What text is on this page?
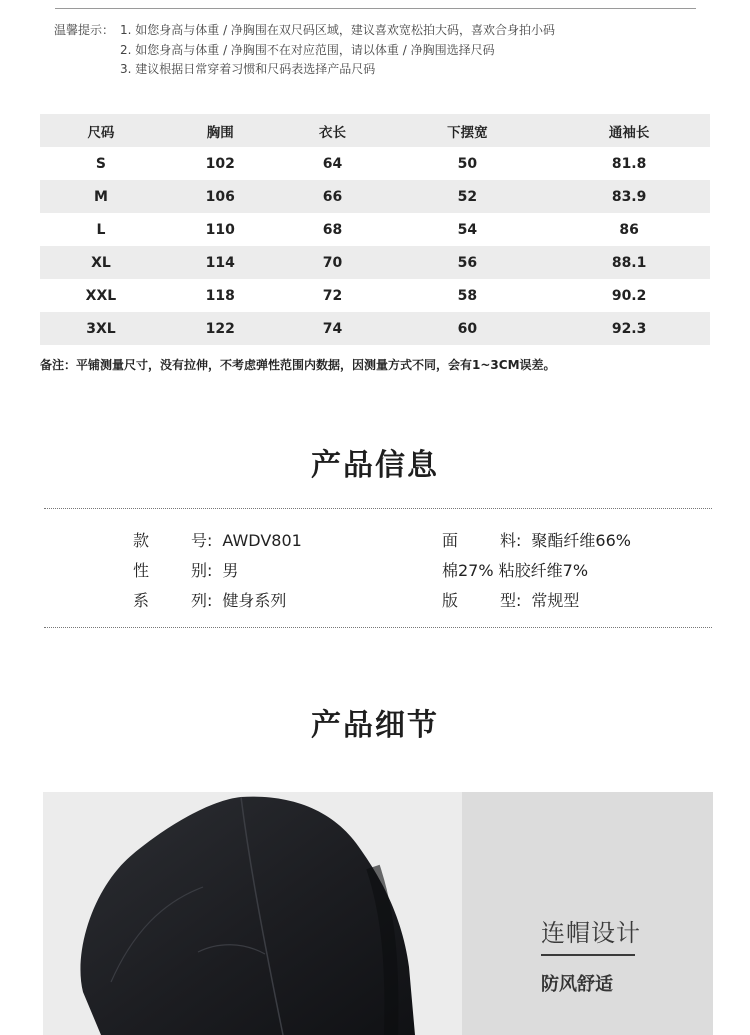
温馨提示： 1. 如您身高与体重 / 净胸围在双尺码区域，建议喜欢宽松拍大码，喜欢合身拍小码
2. 如您身高与体重 / 净胸围不在对应范围，请以体重 / 净胸围选择尺码
3. 建议根据日常穿着习惯和尺码表选择产品尺码
尺码	胸围	衣长	下摆宽	通袖长
S	102	64	50	81.8
M	106	66	52	83.9
L	110	68	54	86
XL	114	70	56	88.1
XXL	118	72	58	90.2
3XL	122	74	60	92.3
备注：平铺测量尺寸，没有拉伸，不考虑弹性范围内数据，因测量方式不同，会有1~3CM误差。
产品信息
款号: AWDV801
性别: 男
系列: 健身系列
面料: 聚酯纤维66%
棉27% 粘胶纤维7%
版型: 常规型
产品细节
连帽设计
防风舒适
